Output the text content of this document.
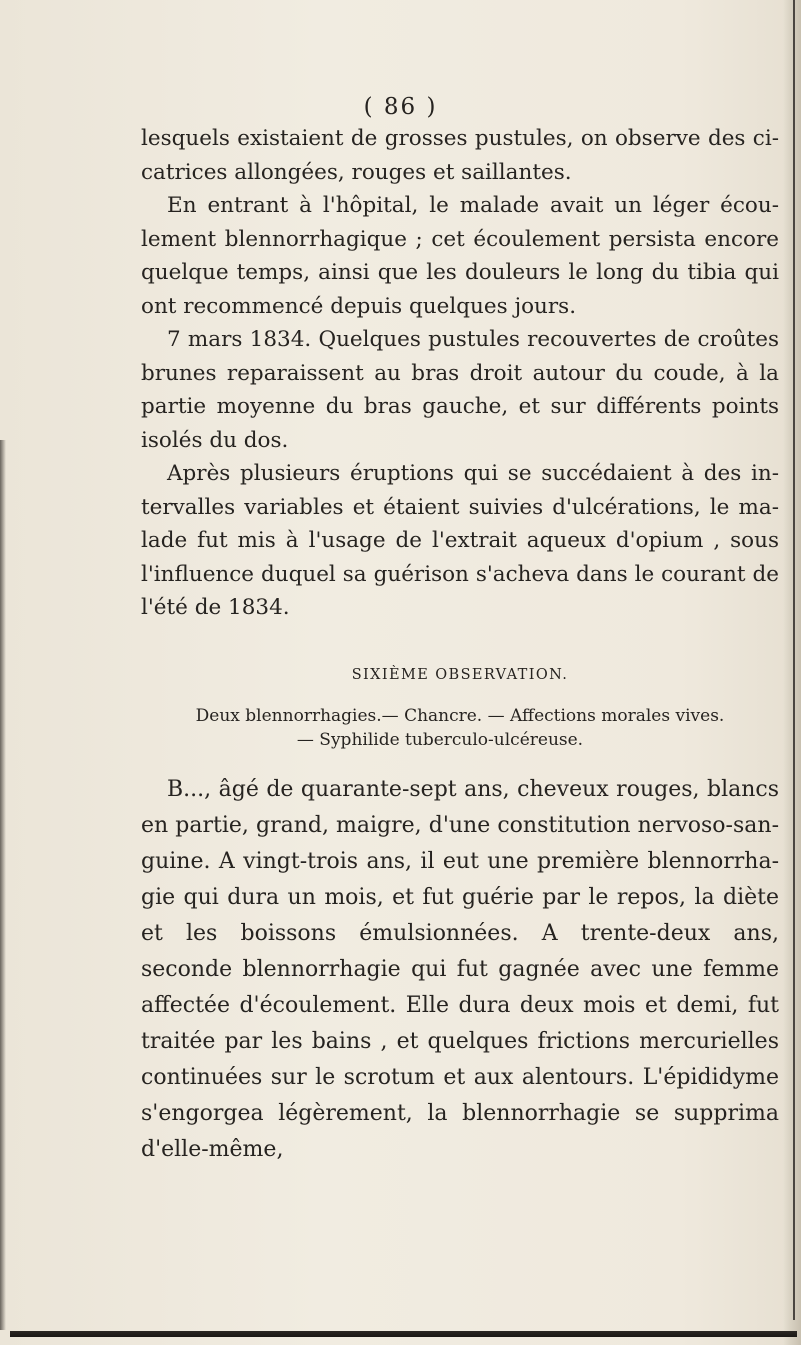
( 86 )

lesquels existaient de grosses pustules, on observe des ci-catrices allongées, rouges et saillantes.

En entrant à l'hôpital, le malade avait un léger écou-lement blennorrhagique ; cet écoulement persista encore quelque temps, ainsi que les douleurs le long du tibia qui ont recommencé depuis quelques jours.

7 mars 1834. Quelques pustules recouvertes de croûtes brunes reparaissent au bras droit autour du coude, à la partie moyenne du bras gauche, et sur différents points isolés du dos.

Après plusieurs éruptions qui se succédaient à des in-tervalles variables et étaient suivies d'ulcérations, le ma-lade fut mis à l'usage de l'extrait aqueux d'opium , sous l'influence duquel sa guérison s'acheva dans le courant de l'été de 1834.

SIXIÈME OBSERVATION.

Deux blennorrhagies.— Chancre. — Affections morales vives.

— Syphilide tuberculo-ulcéreuse.

B..., âgé de quarante-sept ans, cheveux rouges, blancs en partie, grand, maigre, d'une constitution nervoso-san-guine. A vingt-trois ans, il eut une première blennorrha-gie qui dura un mois, et fut guérie par le repos, la diète et les boissons émulsionnées. A trente-deux ans, seconde blennorrhagie qui fut gagnée avec une femme affectée d'écoulement. Elle dura deux mois et demi, fut traitée par les bains , et quelques frictions mercurielles continuées sur le scrotum et aux alentours. L'épididyme s'engorgea légèrement, la blennorrhagie se supprima d'elle-même,
